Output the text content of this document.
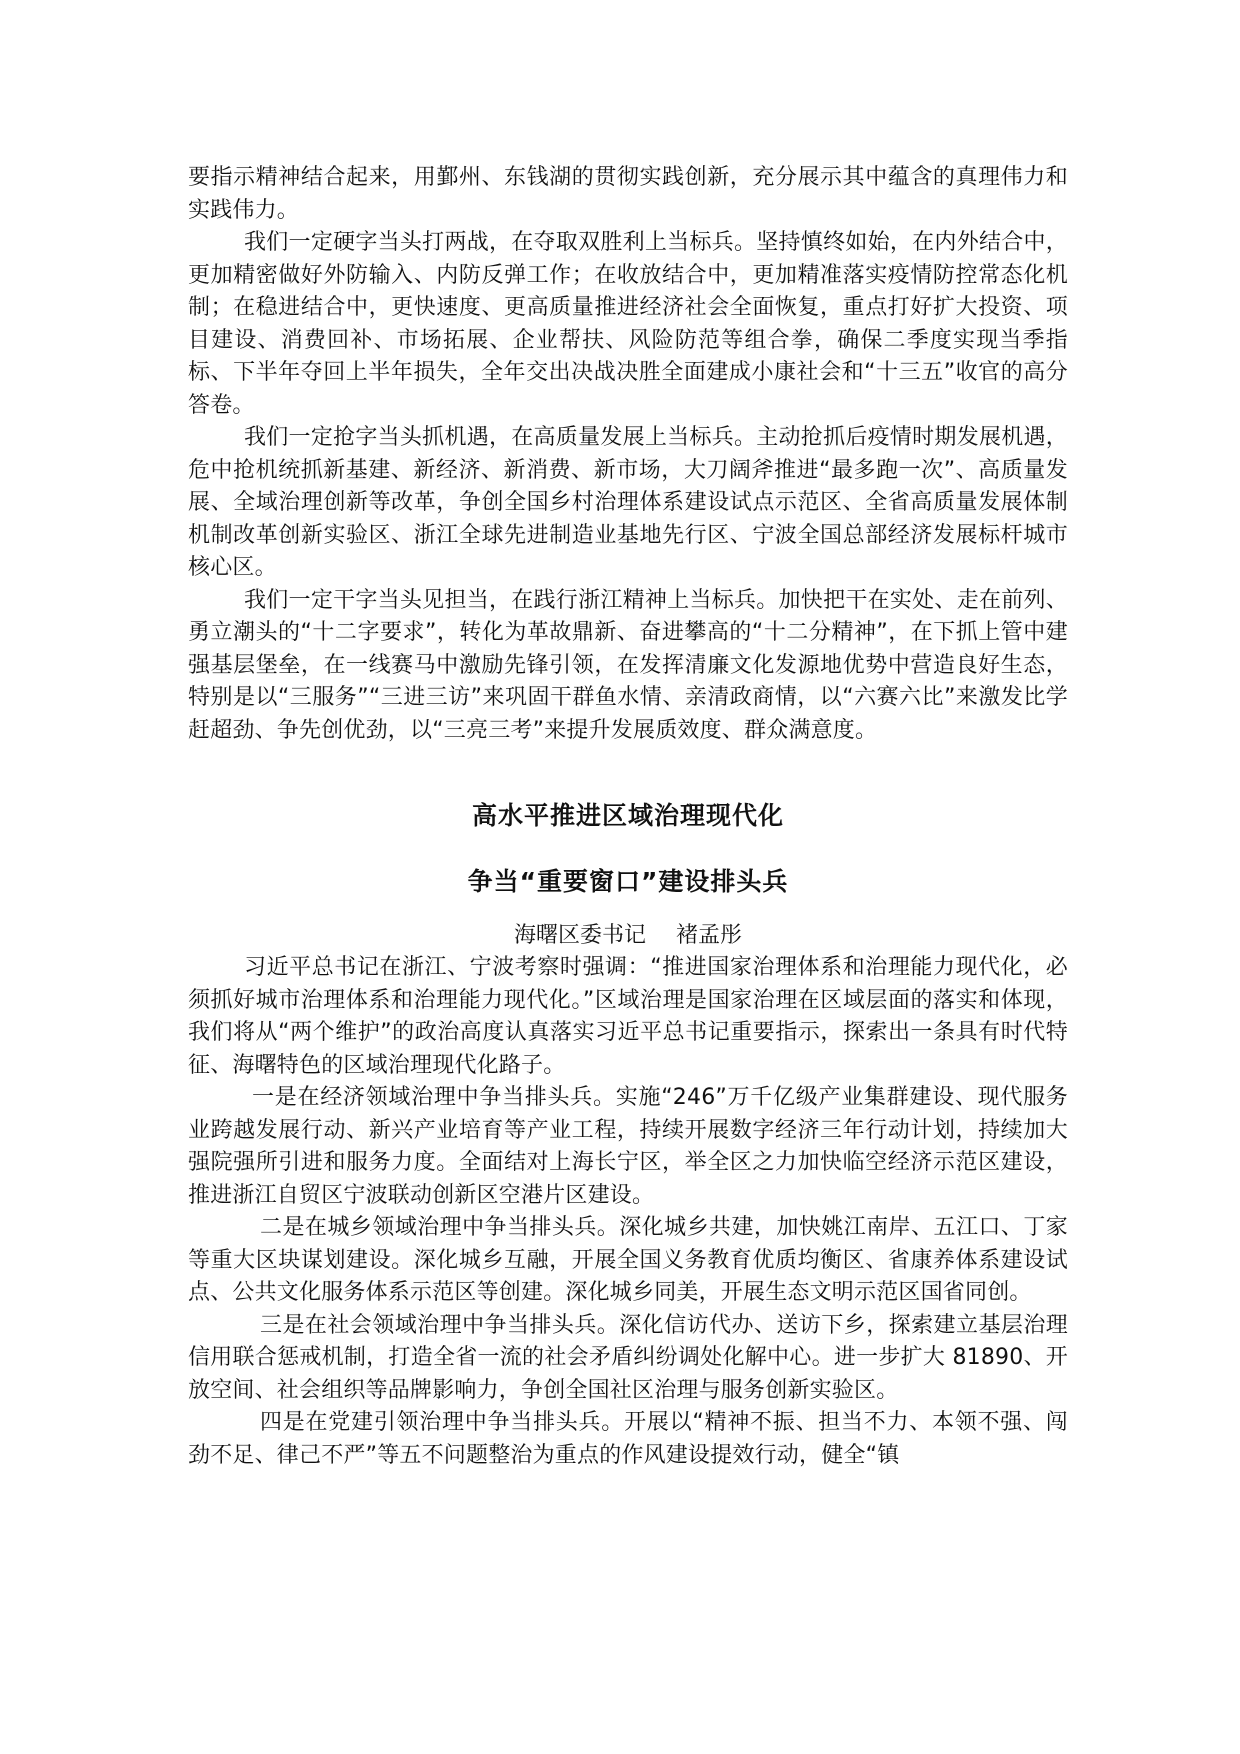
要指示精神结合起来，用鄞州、东钱湖的贯彻实践创新，充分展示其中蕴含的真理伟力和实践伟力。

我们一定硬字当头打两战，在夺取双胜利上当标兵。坚持慎终如始，在内外结合中，更加精密做好外防输入、内防反弹工作；在收放结合中，更加精准落实疫情防控常态化机制；在稳进结合中，更快速度、更高质量推进经济社会全面恢复，重点打好扩大投资、项目建设、消费回补、市场拓展、企业帮扶、风险防范等组合拳，确保二季度实现当季指标、下半年夺回上半年损失，全年交出决战决胜全面建成小康社会和“十三五”收官的高分答卷。

我们一定抢字当头抓机遇，在高质量发展上当标兵。主动抢抓后疫情时期发展机遇，危中抢机统抓新基建、新经济、新消费、新市场，大刀阔斧推进“最多跑一次”、高质量发展、全域治理创新等改革，争创全国乡村治理体系建设试点示范区、全省高质量发展体制机制改革创新实验区、浙江全球先进制造业基地先行区、宁波全国总部经济发展标杆城市核心区。

我们一定干字当头见担当，在践行浙江精神上当标兵。加快把干在实处、走在前列、勇立潮头的“十二字要求”，转化为革故鼎新、奋进攀高的“十二分精神”，在下抓上管中建强基层堡垒，在一线赛马中激励先锋引领，在发挥清廉文化发源地优势中营造良好生态，特别是以“三服务”“三进三访”来巩固干群鱼水情、亲清政商情，以“六赛六比”来激发比学赶超劲、争先创优劲，以“三亮三考”来提升发展质效度、群众满意度。

高水平推进区域治理现代化
争当“重要窗口”建设排头兵
海曙区委书记 褚孟彤

习近平总书记在浙江、宁波考察时强调：“推进国家治理体系和治理能力现代化，必须抓好城市治理体系和治理能力现代化。”区域治理是国家治理在区域层面的落实和体现，我们将从“两个维护”的政治高度认真落实习近平总书记重要指示，探索出一条具有时代特征、海曙特色的区域治理现代化路子。

一是在经济领域治理中争当排头兵。实施“246”万千亿级产业集群建设、现代服务业跨越发展行动、新兴产业培育等产业工程，持续开展数字经济三年行动计划，持续加大强院强所引进和服务力度。全面结对上海长宁区，举全区之力加快临空经济示范区建设，推进浙江自贸区宁波联动创新区空港片区建设。

二是在城乡领域治理中争当排头兵。深化城乡共建，加快姚江南岸、五江口、丁家等重大区块谋划建设。深化城乡互融，开展全国义务教育优质均衡区、省康养体系建设试点、公共文化服务体系示范区等创建。深化城乡同美，开展生态文明示范区国省同创。

三是在社会领域治理中争当排头兵。深化信访代办、送访下乡，探索建立基层治理信用联合惩戒机制，打造全省一流的社会矛盾纠纷调处化解中心。进一步扩大 81890、开放空间、社会组织等品牌影响力，争创全国社区治理与服务创新实验区。

四是在党建引领治理中争当排头兵。开展以“精神不振、担当不力、本领不强、闯劲不足、律己不严”等五不问题整治为重点的作风建设提效行动，健全“镇
